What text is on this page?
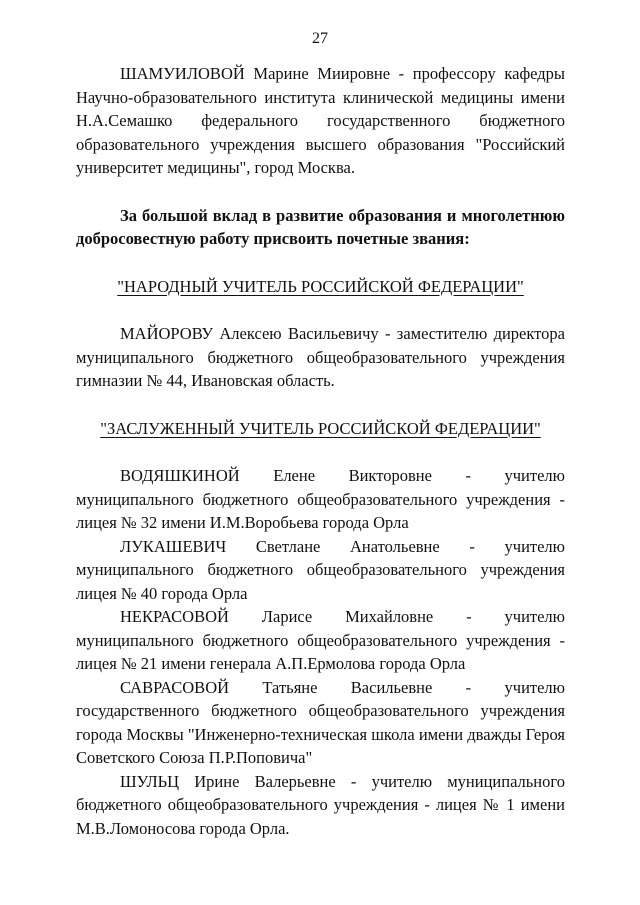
27

ШАМУИЛОВОЙ Марине Миировне - профессору кафедры Научно-образовательного института клинической медицины имени Н.А.Семашко федерального государственного бюджетного образовательного учреждения высшего образования "Российский университет медицины", город Москва.

За большой вклад в развитие образования и многолетнюю добросовестную работу присвоить почетные звания:

"НАРОДНЫЙ УЧИТЕЛЬ РОССИЙСКОЙ ФЕДЕРАЦИИ"

МАЙОРОВУ Алексею Васильевичу - заместителю директора муниципального бюджетного общеобразовательного учреждения гимназии № 44, Ивановская область.

"ЗАСЛУЖЕННЫЙ УЧИТЕЛЬ РОССИЙСКОЙ ФЕДЕРАЦИИ"

ВОДЯШКИНОЙ Елене Викторовне - учителю муниципального бюджетного общеобразовательного учреждения - лицея № 32 имени И.М.Воробьева города Орла

ЛУКАШЕВИЧ Светлане Анатольевне - учителю муниципального бюджетного общеобразовательного учреждения лицея № 40 города Орла

НЕКРАСОВОЙ Ларисе Михайловне - учителю муниципального бюджетного общеобразовательного учреждения - лицея № 21 имени генерала А.П.Ермолова города Орла

САВРАСОВОЙ Татьяне Васильевне - учителю государственного бюджетного общеобразовательного учреждения города Москвы "Инженерно-техническая школа имени дважды Героя Советского Союза П.Р.Поповича"

ШУЛЬЦ Ирине Валерьевне - учителю муниципального бюджетного общеобразовательного учреждения - лицея № 1 имени М.В.Ломоносова города Орла.
